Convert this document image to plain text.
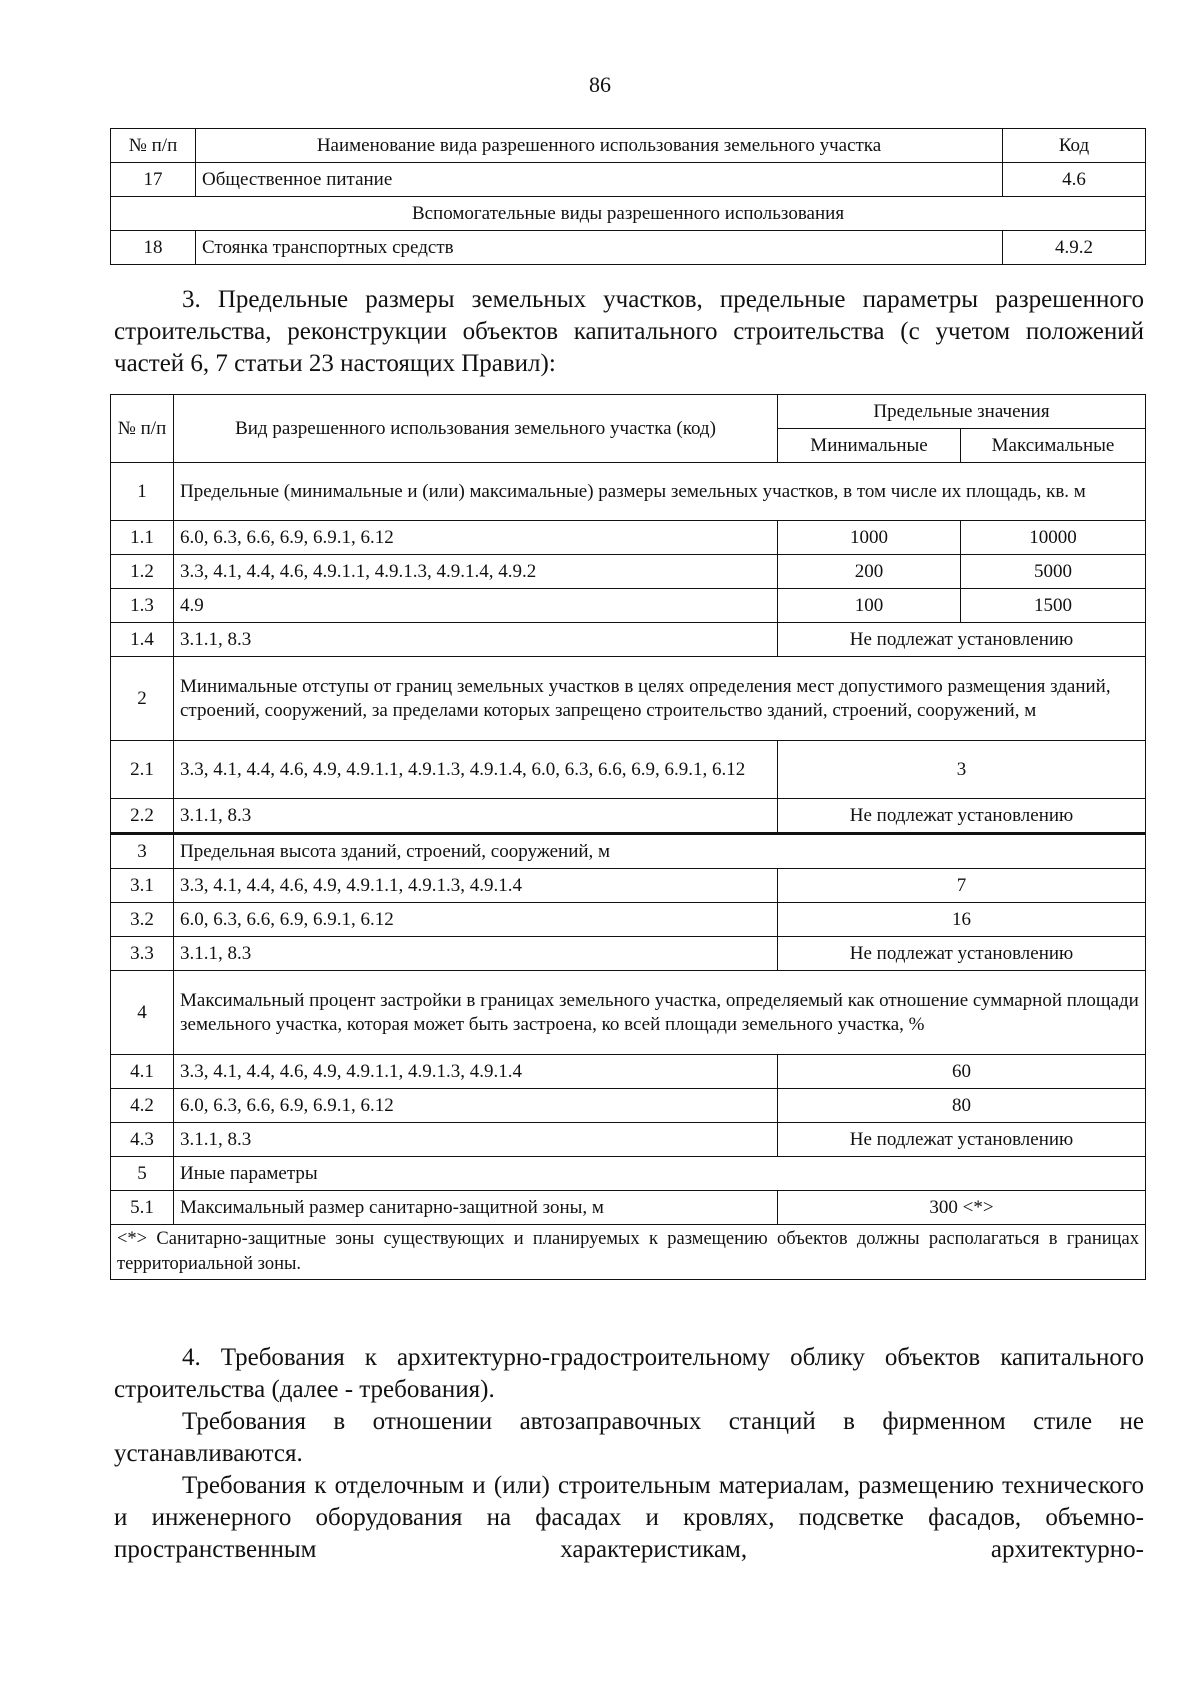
86
№ п/п	Наименование вида разрешенного использования земельного участка	Код
17	Общественное питание	4.6
Вспомогательные виды разрешенного использования		
18	Стоянка транспортных средств	4.9.2

3. Предельные размеры земельных участков, предельные параметры разрешенного строительства, реконструкции объектов капитального строительства (с учетом положений частей 6, 7 статьи 23 настоящих Правил):

№ п/п	Вид разрешенного использования земельного участка (код)	Предельные значения	
		Минимальные	Максимальные
1	Предельные (минимальные и (или) максимальные) размеры земельных участков, в том числе их площадь, кв. м		
1.1	6.0, 6.3, 6.6, 6.9, 6.9.1, 6.12	1000	10000
1.2	3.3, 4.1, 4.4, 4.6, 4.9.1.1, 4.9.1.3, 4.9.1.4, 4.9.2	200	5000
1.3	4.9	100	1500
1.4	3.1.1, 8.3	Не подлежат установлению	
2	Минимальные отступы от границ земельных участков в целях определения мест допустимого размещения зданий, строений, сооружений, за пределами которых запрещено строительство зданий, строений, сооружений, м		
2.1	3.3, 4.1, 4.4, 4.6, 4.9, 4.9.1.1, 4.9.1.3, 4.9.1.4, 6.0, 6.3, 6.6, 6.9, 6.9.1, 6.12	3	
2.2	3.1.1, 8.3	Не подлежат установлению	
3	Предельная высота зданий, строений, сооружений, м		
3.1	3.3, 4.1, 4.4, 4.6, 4.9, 4.9.1.1, 4.9.1.3, 4.9.1.4	7	
3.2	6.0, 6.3, 6.6, 6.9, 6.9.1, 6.12	16	
3.3	3.1.1, 8.3	Не подлежат установлению	
4	Максимальный процент застройки в границах земельного участка, определяемый как отношение суммарной площади земельного участка, которая может быть застроена, ко всей площади земельного участка, %		
4.1	3.3, 4.1, 4.4, 4.6, 4.9, 4.9.1.1, 4.9.1.3, 4.9.1.4	60	
4.2	6.0, 6.3, 6.6, 6.9, 6.9.1, 6.12	80	
4.3	3.1.1, 8.3	Не подлежат установлению	
5	Иные параметры		
5.1	Максимальный размер санитарно-защитной зоны, м	300 <*>	
<*> Санитарно-защитные зоны существующих и планируемых к размещению объектов должны располагаться в границах территориальной зоны.			

4. Требования к архитектурно-градостроительному облику объектов капитального строительства (далее - требования).

Требования в отношении автозаправочных станций в фирменном стиле не устанавливаются.

Требования к отделочным и (или) строительным материалам, размещению технического и инженерного оборудования на фасадах и кровлях, подсветке фасадов, объемно-пространственным характеристикам, архитектурно-
